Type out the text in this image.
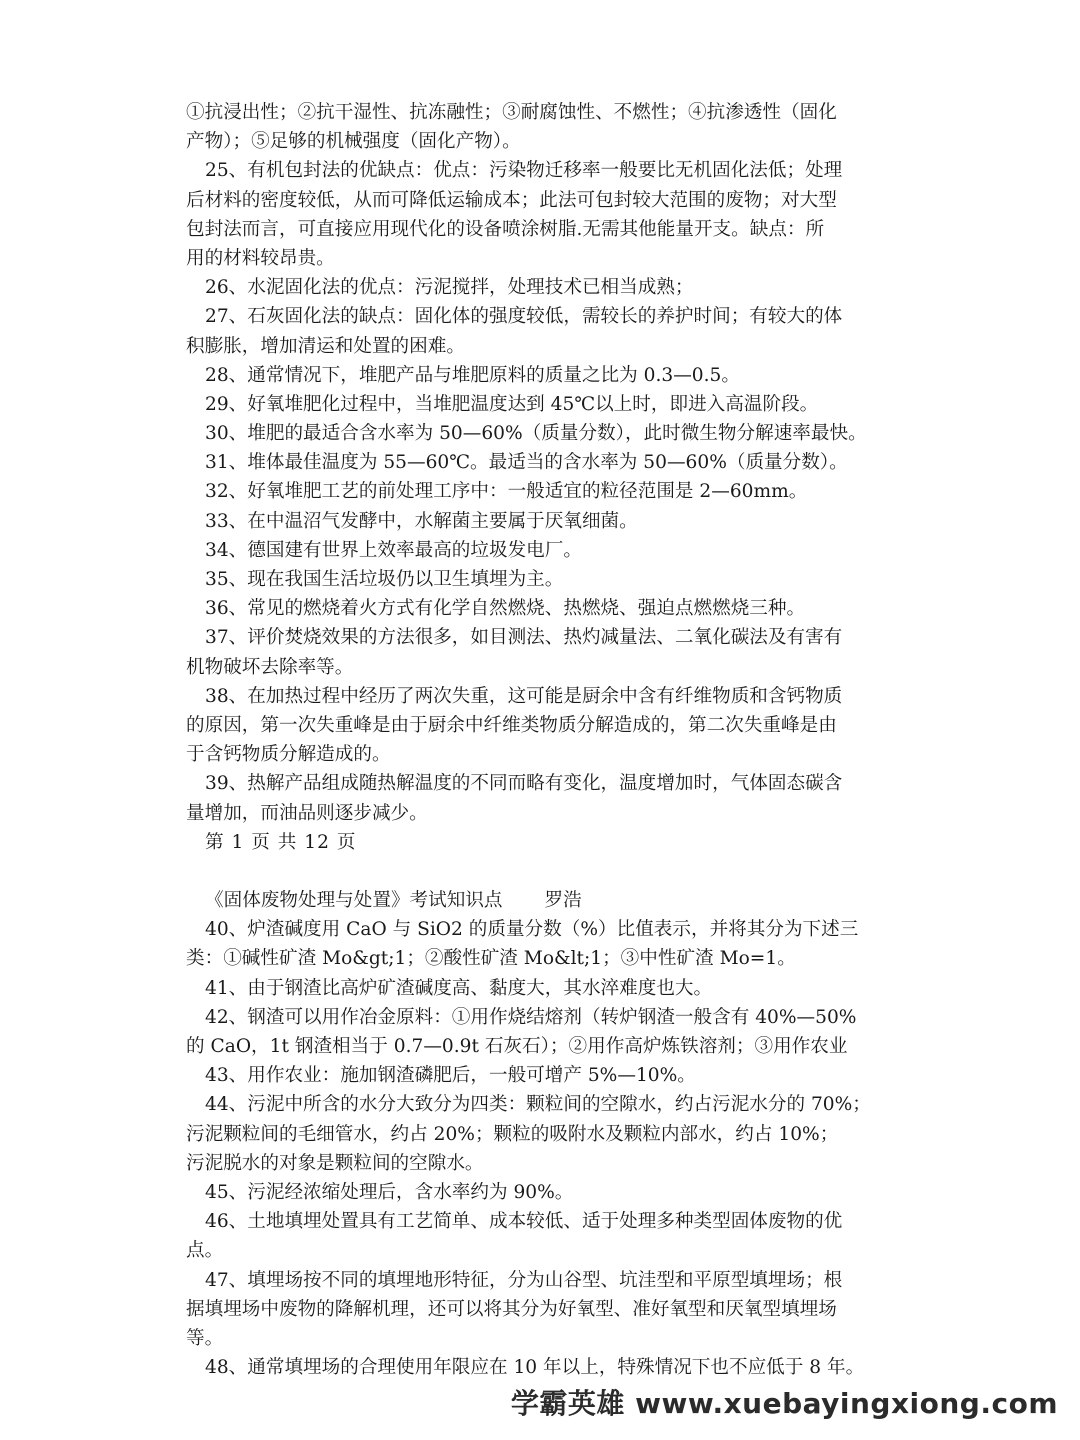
①抗浸出性；②抗干湿性、抗冻融性；③耐腐蚀性、不燃性；④抗渗透性（固化
产物）；⑤足够的机械强度（固化产物）。
25、有机包封法的优缺点：优点：污染物迁移率一般要比无机固化法低；处理
后材料的密度较低，从而可降低运输成本；此法可包封较大范围的废物；对大型
包封法而言，可直接应用现代化的设备喷涂树脂.无需其他能量开支。缺点：所
用的材料较昂贵。
26、水泥固化法的优点：污泥搅拌，处理技术已相当成熟；
27、石灰固化法的缺点：固化体的强度较低，需较长的养护时间；有较大的体
积膨胀，增加清运和处置的困难。
28、通常情况下，堆肥产品与堆肥原料的质量之比为 0.3—0.5。
29、好氧堆肥化过程中，当堆肥温度达到 45℃以上时，即进入高温阶段。
30、堆肥的最适合含水率为 50—60%（质量分数），此时微生物分解速率最快。
31、堆体最佳温度为 55—60℃。最适当的含水率为 50—60%（质量分数）。
32、好氧堆肥工艺的前处理工序中：一般适宜的粒径范围是 2—60mm。
33、在中温沼气发酵中，水解菌主要属于厌氧细菌。
34、德国建有世界上效率最高的垃圾发电厂。
35、现在我国生活垃圾仍以卫生填埋为主。
36、常见的燃烧着火方式有化学自然燃烧、热燃烧、强迫点燃燃烧三种。
37、评价焚烧效果的方法很多，如目测法、热灼减量法、二氧化碳法及有害有
机物破坏去除率等。
38、在加热过程中经历了两次失重，这可能是厨余中含有纤维物质和含钙物质
的原因，第一次失重峰是由于厨余中纤维类物质分解造成的，第二次失重峰是由
于含钙物质分解造成的。
39、热解产品组成随热解温度的不同而略有变化，温度增加时，气体固态碳含
量增加，而油品则逐步减少。
第 1 页 共 12 页
《固体废物处理与处置》考试知识点 罗浩
40、炉渣碱度用 CaO 与 SiO2 的质量分数（%）比值表示，并将其分为下述三
类：①碱性矿渣 Mo&gt;1；②酸性矿渣 Mo&lt;1；③中性矿渣 Mo=1。
41、由于钢渣比高炉矿渣碱度高、黏度大，其水淬难度也大。
42、钢渣可以用作冶金原料：①用作烧结熔剂（转炉钢渣一般含有 40%—50%
的 CaO，1t 钢渣相当于 0.7—0.9t 石灰石）；②用作高炉炼铁溶剂；③用作农业
43、用作农业：施加钢渣磷肥后，一般可增产 5%—10%。
44、污泥中所含的水分大致分为四类：颗粒间的空隙水，约占污泥水分的 70%；
污泥颗粒间的毛细管水，约占 20%；颗粒的吸附水及颗粒内部水，约占 10%；
污泥脱水的对象是颗粒间的空隙水。
45、污泥经浓缩处理后，含水率约为 90%。
46、土地填埋处置具有工艺简单、成本较低、适于处理多种类型固体废物的优
点。
47、填埋场按不同的填埋地形特征，分为山谷型、坑洼型和平原型填埋场；根
据填埋场中废物的降解机理，还可以将其分为好氧型、准好氧型和厌氧型填埋场
等。
48、通常填埋场的合理使用年限应在 10 年以上，特殊情况下也不应低于 8 年。
学霸英雄 www.xuebayingxiong.com
